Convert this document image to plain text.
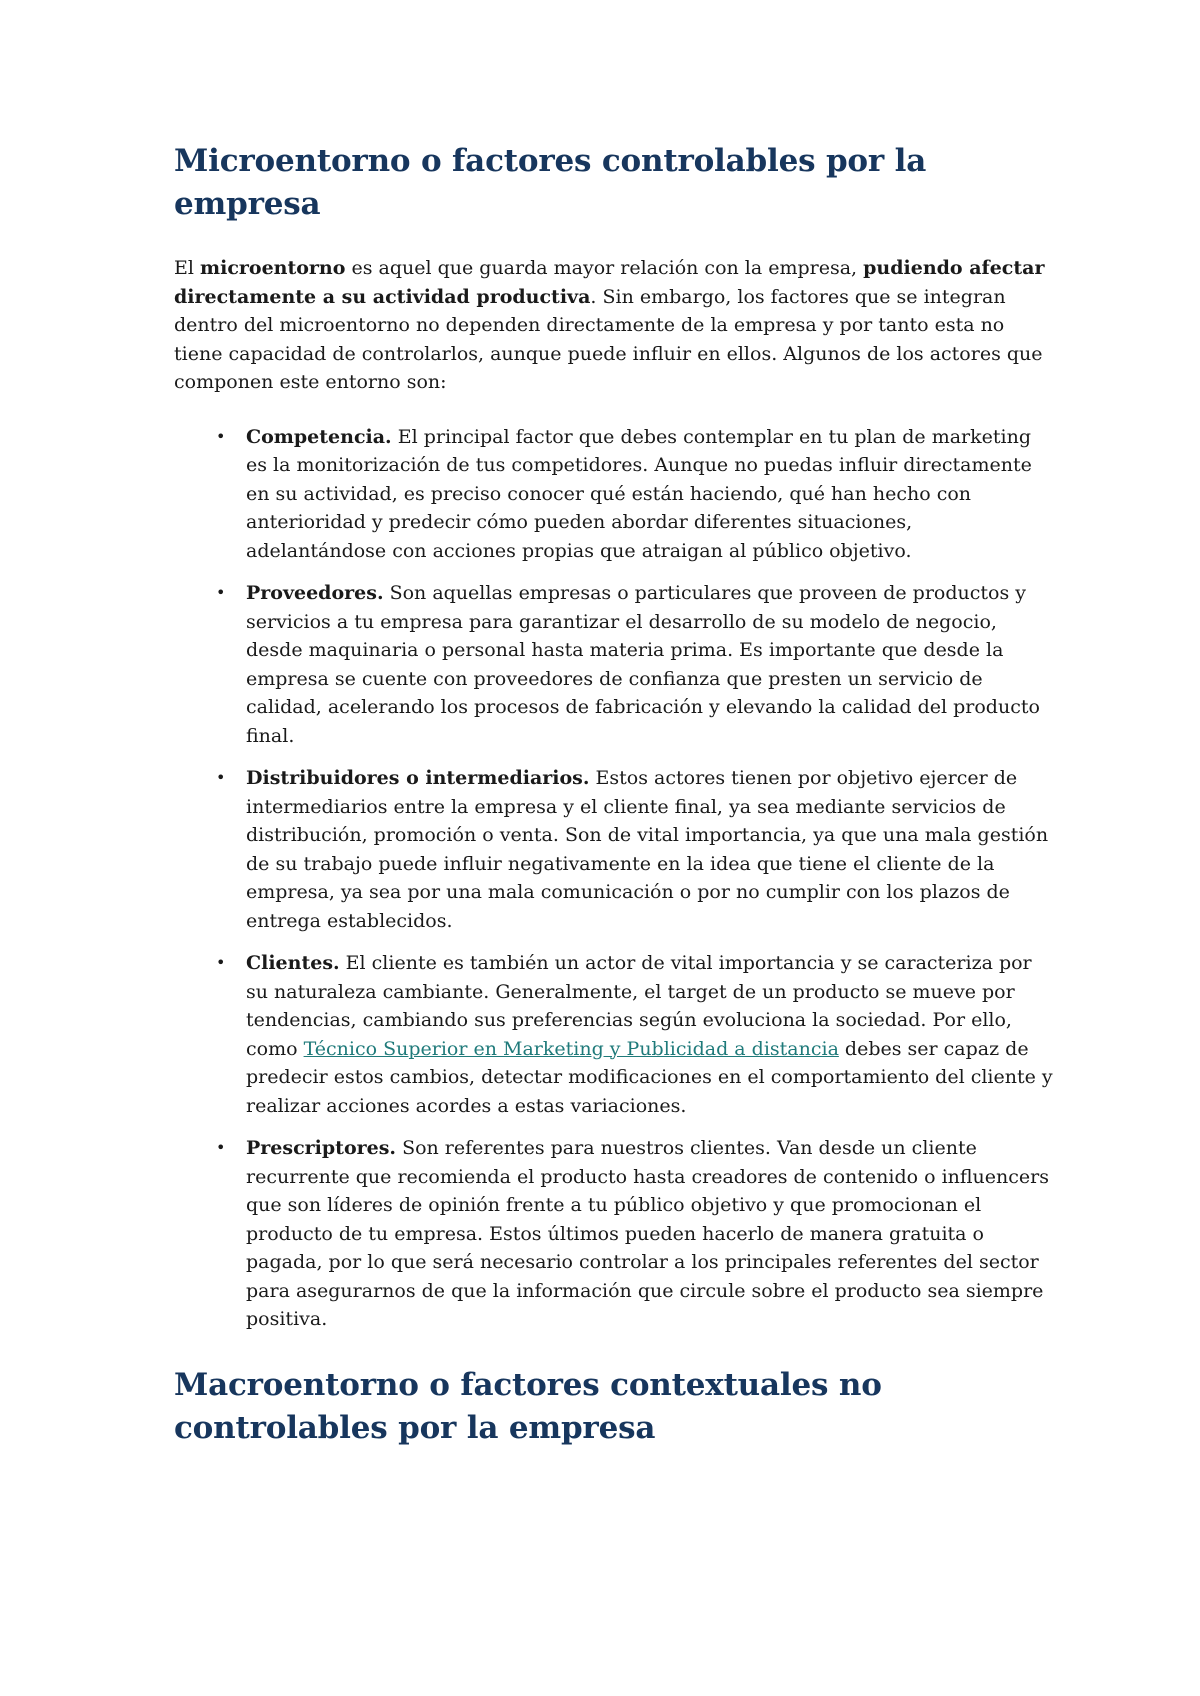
Microentorno o factores controlables por la empresa

El microentorno es aquel que guarda mayor relación con la empresa, pudiendo afectar directamente a su actividad productiva. Sin embargo, los factores que se integran dentro del microentorno no dependen directamente de la empresa y por tanto esta no tiene capacidad de controlarlos, aunque puede influir en ellos. Algunos de los actores que componen este entorno son:

• Competencia. El principal factor que debes contemplar en tu plan de marketing es la monitorización de tus competidores. Aunque no puedas influir directamente en su actividad, es preciso conocer qué están haciendo, qué han hecho con anterioridad y predecir cómo pueden abordar diferentes situaciones, adelantándose con acciones propias que atraigan al público objetivo.
• Proveedores. Son aquellas empresas o particulares que proveen de productos y servicios a tu empresa para garantizar el desarrollo de su modelo de negocio, desde maquinaria o personal hasta materia prima. Es importante que desde la empresa se cuente con proveedores de confianza que presten un servicio de calidad, acelerando los procesos de fabricación y elevando la calidad del producto final.
• Distribuidores o intermediarios. Estos actores tienen por objetivo ejercer de intermediarios entre la empresa y el cliente final, ya sea mediante servicios de distribución, promoción o venta. Son de vital importancia, ya que una mala gestión de su trabajo puede influir negativamente en la idea que tiene el cliente de la empresa, ya sea por una mala comunicación o por no cumplir con los plazos de entrega establecidos.
• Clientes. El cliente es también un actor de vital importancia y se caracteriza por su naturaleza cambiante. Generalmente, el target de un producto se mueve por tendencias, cambiando sus preferencias según evoluciona la sociedad. Por ello, como Técnico Superior en Marketing y Publicidad a distancia debes ser capaz de predecir estos cambios, detectar modificaciones en el comportamiento del cliente y realizar acciones acordes a estas variaciones.
• Prescriptores. Son referentes para nuestros clientes. Van desde un cliente recurrente que recomienda el producto hasta creadores de contenido o influencers que son líderes de opinión frente a tu público objetivo y que promocionan el producto de tu empresa. Estos últimos pueden hacerlo de manera gratuita o pagada, por lo que será necesario controlar a los principales referentes del sector para asegurarnos de que la información que circule sobre el producto sea siempre positiva.
Macroentorno o factores contextuales no controlables por la empresa
